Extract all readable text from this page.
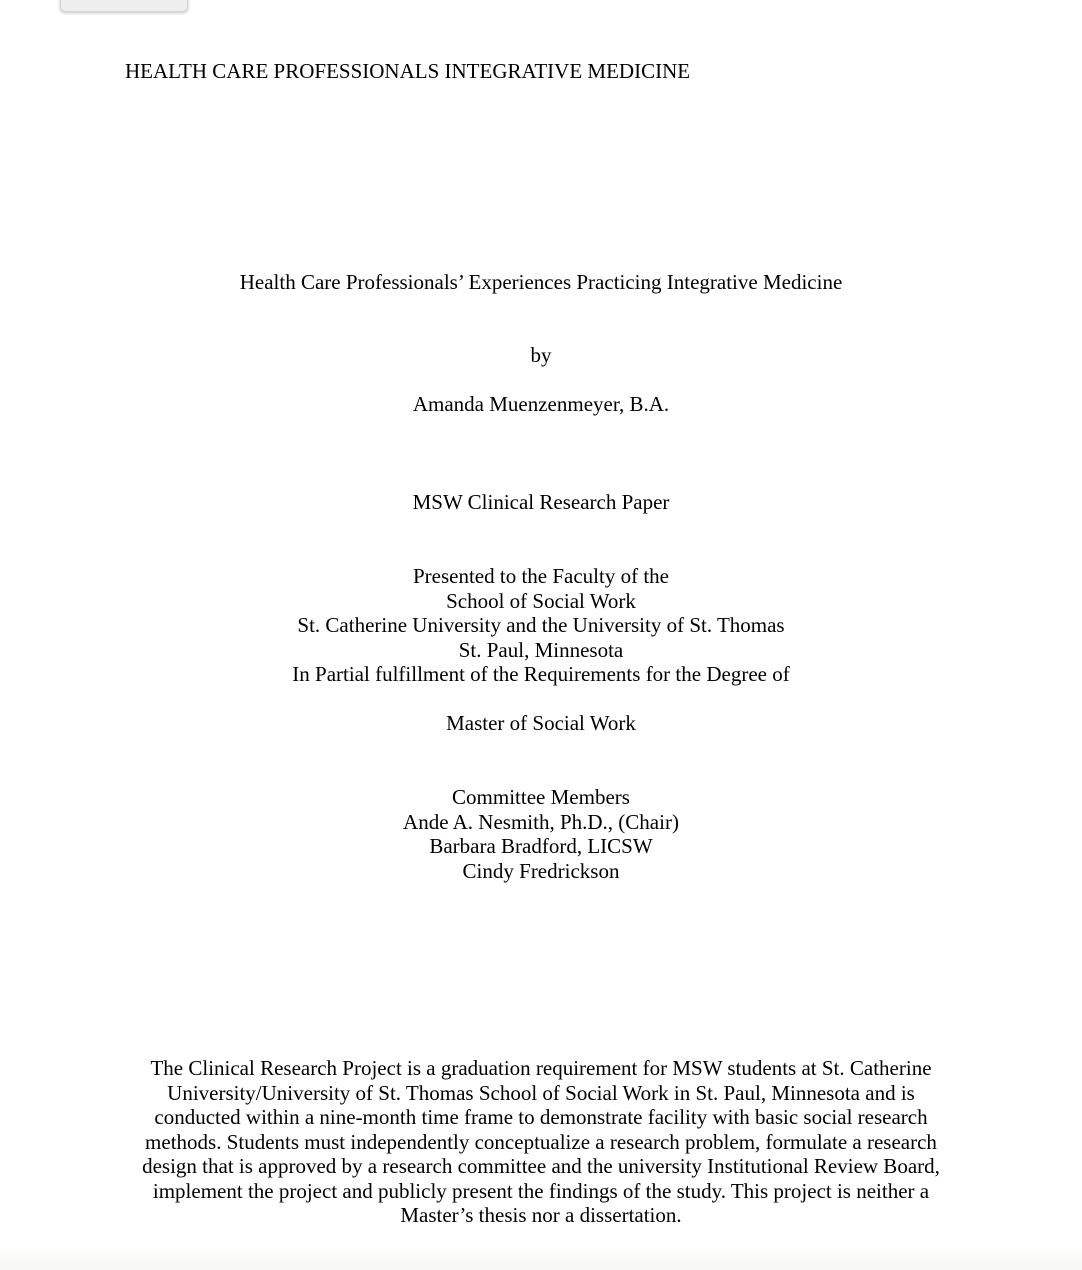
HEALTH CARE PROFESSIONALS INTEGRATIVE MEDICINE
Health Care Professionals’ Experiences Practicing Integrative Medicine
by
Amanda Muenzenmeyer, B.A.
MSW Clinical Research Paper
Presented to the Faculty of the
School of Social Work
St. Catherine University and the University of St. Thomas
St. Paul, Minnesota
In Partial fulfillment of the Requirements for the Degree of
Master of Social Work
Committee Members
Ande A. Nesmith, Ph.D., (Chair)
Barbara Bradford, LICSW
Cindy Fredrickson
The Clinical Research Project is a graduation requirement for MSW students at St. Catherine University/University of St. Thomas School of Social Work in St. Paul, Minnesota and is conducted within a nine-month time frame to demonstrate facility with basic social research methods. Students must independently conceptualize a research problem, formulate a research design that is approved by a research committee and the university Institutional Review Board, implement the project and publicly present the findings of the study. This project is neither a Master’s thesis nor a dissertation.
